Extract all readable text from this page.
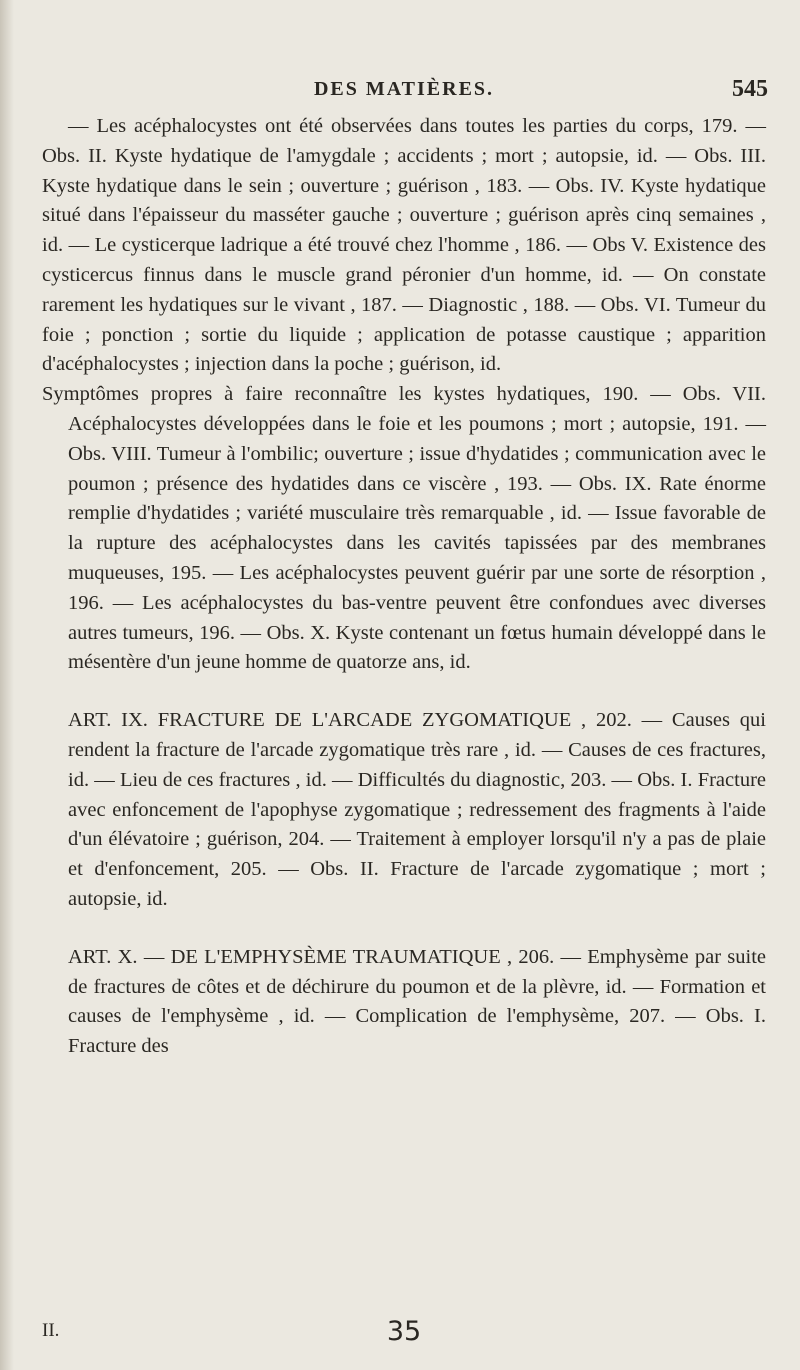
DES MATIÈRES.	545

— Les acéphalocystes ont été observées dans toutes les parties du corps, 179. — Obs. II. Kyste hydatique de l'amygdale ; accidents ; mort ; autopsie, id. — Obs. III. Kyste hydatique dans le sein ; ouverture ; guérison , 183. — Obs. IV. Kyste hydatique situé dans l'épaisseur du masséter gauche ; ouverture ; guérison après cinq semaines , id. — Le cysticerque ladrique a été trouvé chez l'homme , 186. — Obs V. Existence des cysticercus finnus dans le muscle grand péronier d'un homme, id. — On constate rarement les hydatiques sur le vivant , 187. — Diagnostic , 188. — Obs. VI. Tumeur du foie ; ponction ; sortie du liquide ; application de potasse caustique ; apparition d'acéphalocystes ; injection dans la poche ; guérison, id.

Symptômes propres à faire reconnaître les kystes hydatiques, 190. — Obs. VII. Acéphalocystes développées dans le foie et les poumons ; mort ; autopsie, 191. — Obs. VIII. Tumeur à l'ombilic; ouverture ; issue d'hydatides ; communication avec le poumon ; présence des hydatides dans ce viscère , 193. — Obs. IX. Rate énorme remplie d'hydatides ; variété musculaire très remarquable , id. — Issue favorable de la rupture des acéphalocystes dans les cavités tapissées par des membranes muqueuses, 195. — Les acéphalocystes peuvent guérir par une sorte de résorption , 196. — Les acéphalocystes du bas-ventre peuvent être confondues avec diverses autres tumeurs, 196. — Obs. X. Kyste contenant un fœtus humain développé dans le mésentère d'un jeune homme de quatorze ans, id.

ART. IX. FRACTURE DE L'ARCADE ZYGOMATIQUE , 202. — Causes qui rendent la fracture de l'arcade zygomatique très rare , id. — Causes de ces fractures, id. — Lieu de ces fractures , id. — Difficultés du diagnostic, 203. — Obs. I. Fracture avec enfoncement de l'apophyse zygomatique ; redressement des fragments à l'aide d'un élévatoire ; guérison, 204. — Traitement à employer lorsqu'il n'y a pas de plaie et d'enfoncement, 205. — Obs. II. Fracture de l'arcade zygomatique ; mort ; autopsie, id.

ART. X. — DE L'EMPHYSÈME TRAUMATIQUE , 206. — Emphysème par suite de fractures de côtes et de déchirure du poumon et de la plèvre, id. — Formation et causes de l'emphysème , id. — Complication de l'emphysème, 207. — Obs. I. Fracture des

II.	35
